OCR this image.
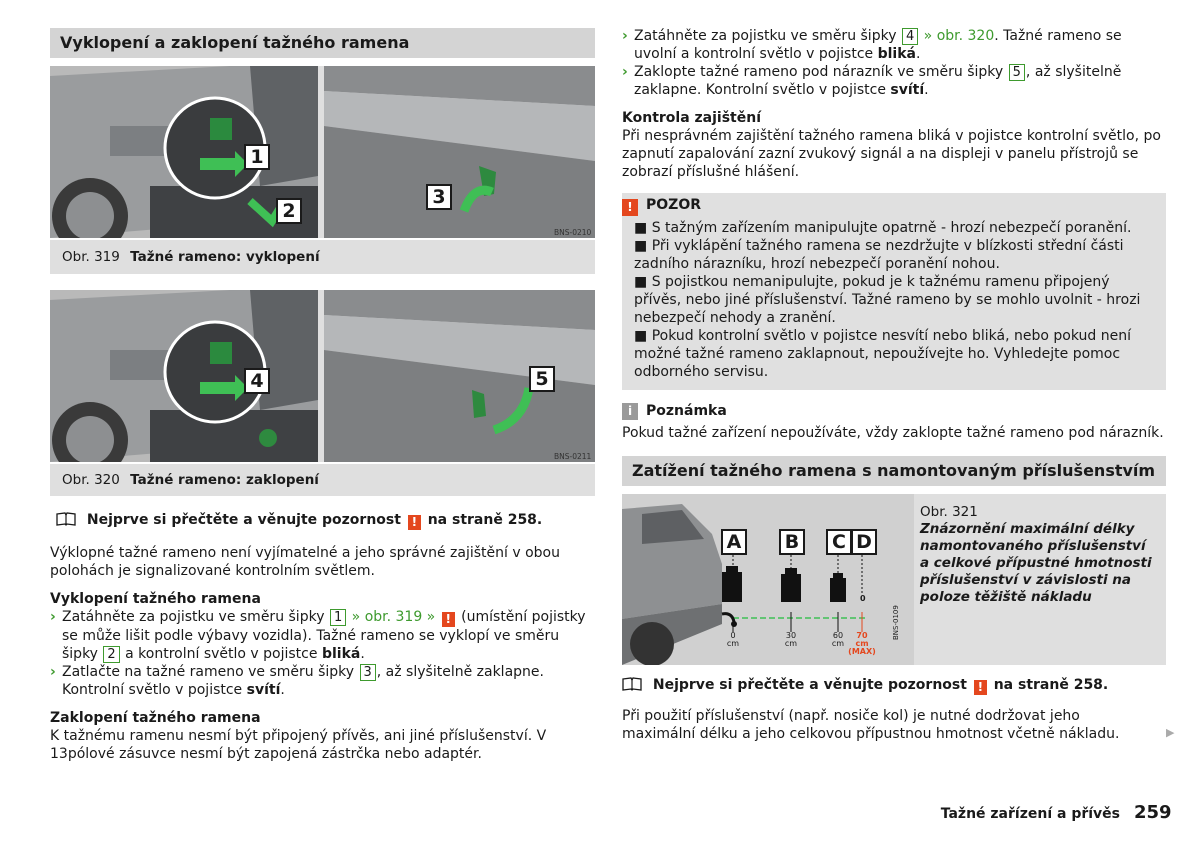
Vyklopení a zaklopení tažného ramena
1
2
3
BNS-0210
Obr. 319 Tažné rameno: vyklopení
4	5
BNS-0211
Obr. 320 Tažné rameno: zaklopení
Nejprve si přečtěte a věnujte pozornost ! na straně 258.
Výklopné tažné rameno není vyjímatelné a jeho správné zajištění v obou polohách je signalizované kontrolním světlem.
Vyklopení tažného ramena
› Zatáhněte za pojistku ve směru šipky 1 » obr. 319 » ! (umístění pojistky se může lišit podle výbavy vozidla). Tažné rameno se vyklopí ve směru šipky 2 a kontrolní světlo v pojistce bliká.
› Zatlačte na tažné rameno ve směru šipky 3 , až slyšitelně zaklapne. Kontrolní světlo v pojistce svítí.
Zaklopení tažného ramena
K tažnému ramenu nesmí být připojený přívěs, ani jiné příslušenství. V 13pólové zásuvce nesmí být zapojená zástrčka nebo adaptér.
› Zatáhněte za pojistku ve směru šipky 4 » obr. 320. Tažné rameno se uvolní a kontrolní světlo v pojistce bliká.
› Zaklopte tažné rameno pod nárazník ve směru šipky 5 , až slyšitelně zaklapne. Kontrolní světlo v pojistce svítí.
Kontrola zajištění
Při nesprávném zajištění tažného ramena bliká v pojistce kontrolní světlo, po zapnutí zapalování zazní zvukový signál a na displeji v panelu přístrojů se zobrazí příslušné hlášení.
! POZOR
■ S tažným zařízením manipulujte opatrně - hrozí nebezpečí poranění.
■ Při vyklápění tažného ramena se nezdržujte v blízkosti střední části zadního nárazníku, hrozí nebezpečí poranění nohou.
■ S pojistkou nemanipulujte, pokud je k tažnému ramenu připojený přívěs, nebo jiné příslušenství. Tažné rameno by se mohlo uvolnit - hrozi nebezpečí nehody a zranění.
■ Pokud kontrolní světlo v pojistce nesvítí nebo bliká, nebo pokud není možné tažné rameno zaklapnout, nepoužívejte ho. Vyhledejte pomoc odborného servisu.
i Poznámka
Pokud tažné zařízení nepoužíváte, vždy zaklopte tažné rameno pod nárazník.
Zatížení tažného ramena s namontovaným příslušenstvím
A	B	C D
0
0
cm
30
cm
60
cm
70
cm
(MAX)
BNS-0109
Obr. 321
Znázornění maximální délky namontovaného příslušenství a celkové přípustné hmotnosti příslušenství v závislosti na poloze těžiště nákladu
Nejprve si přečtěte a věnujte pozornost ! na straně 258.
Při použití příslušenství (např. nosiče kol) je nutné dodržovat jeho maximální délku a jeho celkovou přípustnou hmotnost včetně nákladu.	▶
Tažné zařízení a přívěs 259
